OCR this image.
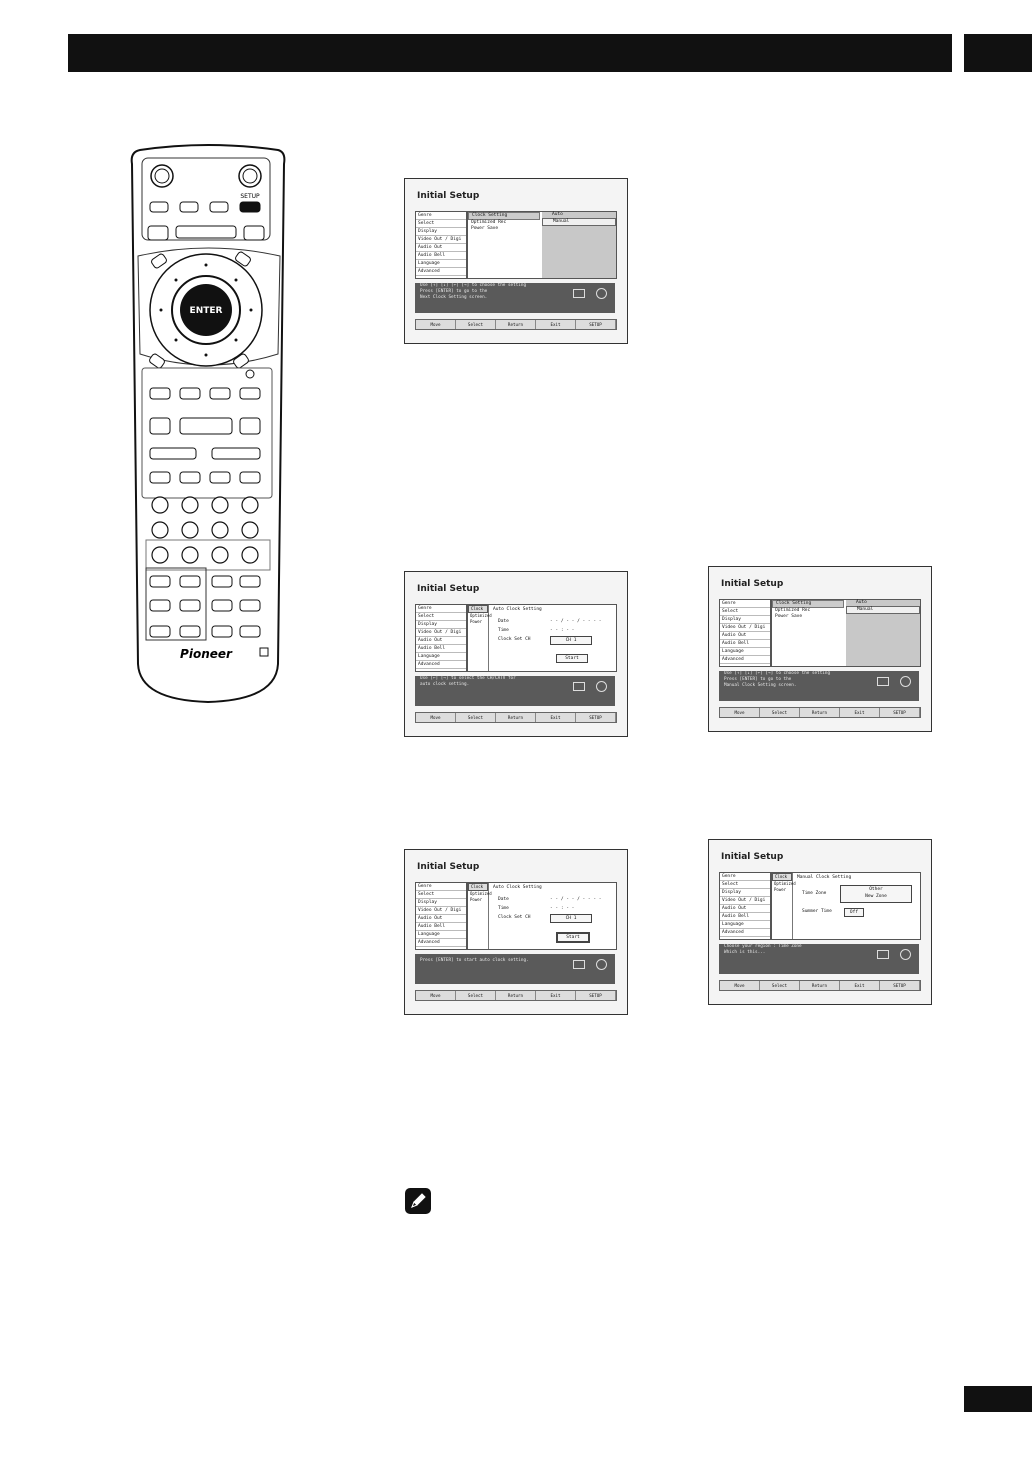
SETUP
ENTER
Pioneer
Initial Setup
Genre
Select
Display
Video Out / Digi
Audio Out
Audio Bell
Language
Advanced
Clock Setting
Optimized Rec
Power Save
Auto
Manual
Use [↑] [↓] [←] [→] to choose the setting
Press [ENTER] to go to the
Next Clock Setting screen.
Move	Select	Return	Exit	SETUP
Initial Setup
Genre
Select
Display
Video Out / Digi
Audio Out
Audio Bell
Language
Advanced
Clock
Optimized
Power
Auto Clock Setting
Date	- - / - - / - - - -
Time	- - : - -
Clock Set CH	CH 1
Start
Use [←] [→] to select the CH/CATV for
auto clock setting.
Move	Select	Return	Exit	SETUP
Initial Setup
Genre
Select
Display
Video Out / Digi
Audio Out
Audio Bell
Language
Advanced
Clock Setting
Optimized Rec
Power Save
Auto
Manual
Use [↑] [↓] [←] [→] to choose the setting
Press [ENTER] to go to the
Manual Clock Setting screen.
Move	Select	Return	Exit	SETUP
Initial Setup
Genre
Select
Display
Video Out / Digi
Audio Out
Audio Bell
Language
Advanced
Clock
Optimized
Power
Auto Clock Setting
Date	- - / - - / - - - -
Time	- - : - -
Clock Set CH	CH 1
Start
Press [ENTER] to start auto clock setting.
Move	Select	Return	Exit	SETUP
Initial Setup
Genre
Select
Display
Video Out / Digi
Audio Out
Audio Bell
Language
Advanced
Clock
Optimized
Power
Manual Clock Setting
Time Zone
Other
New Zone
Summer Time	Off
Choose your region : Time Zone
Which is this...
Move	Select	Return	Exit	SETUP
